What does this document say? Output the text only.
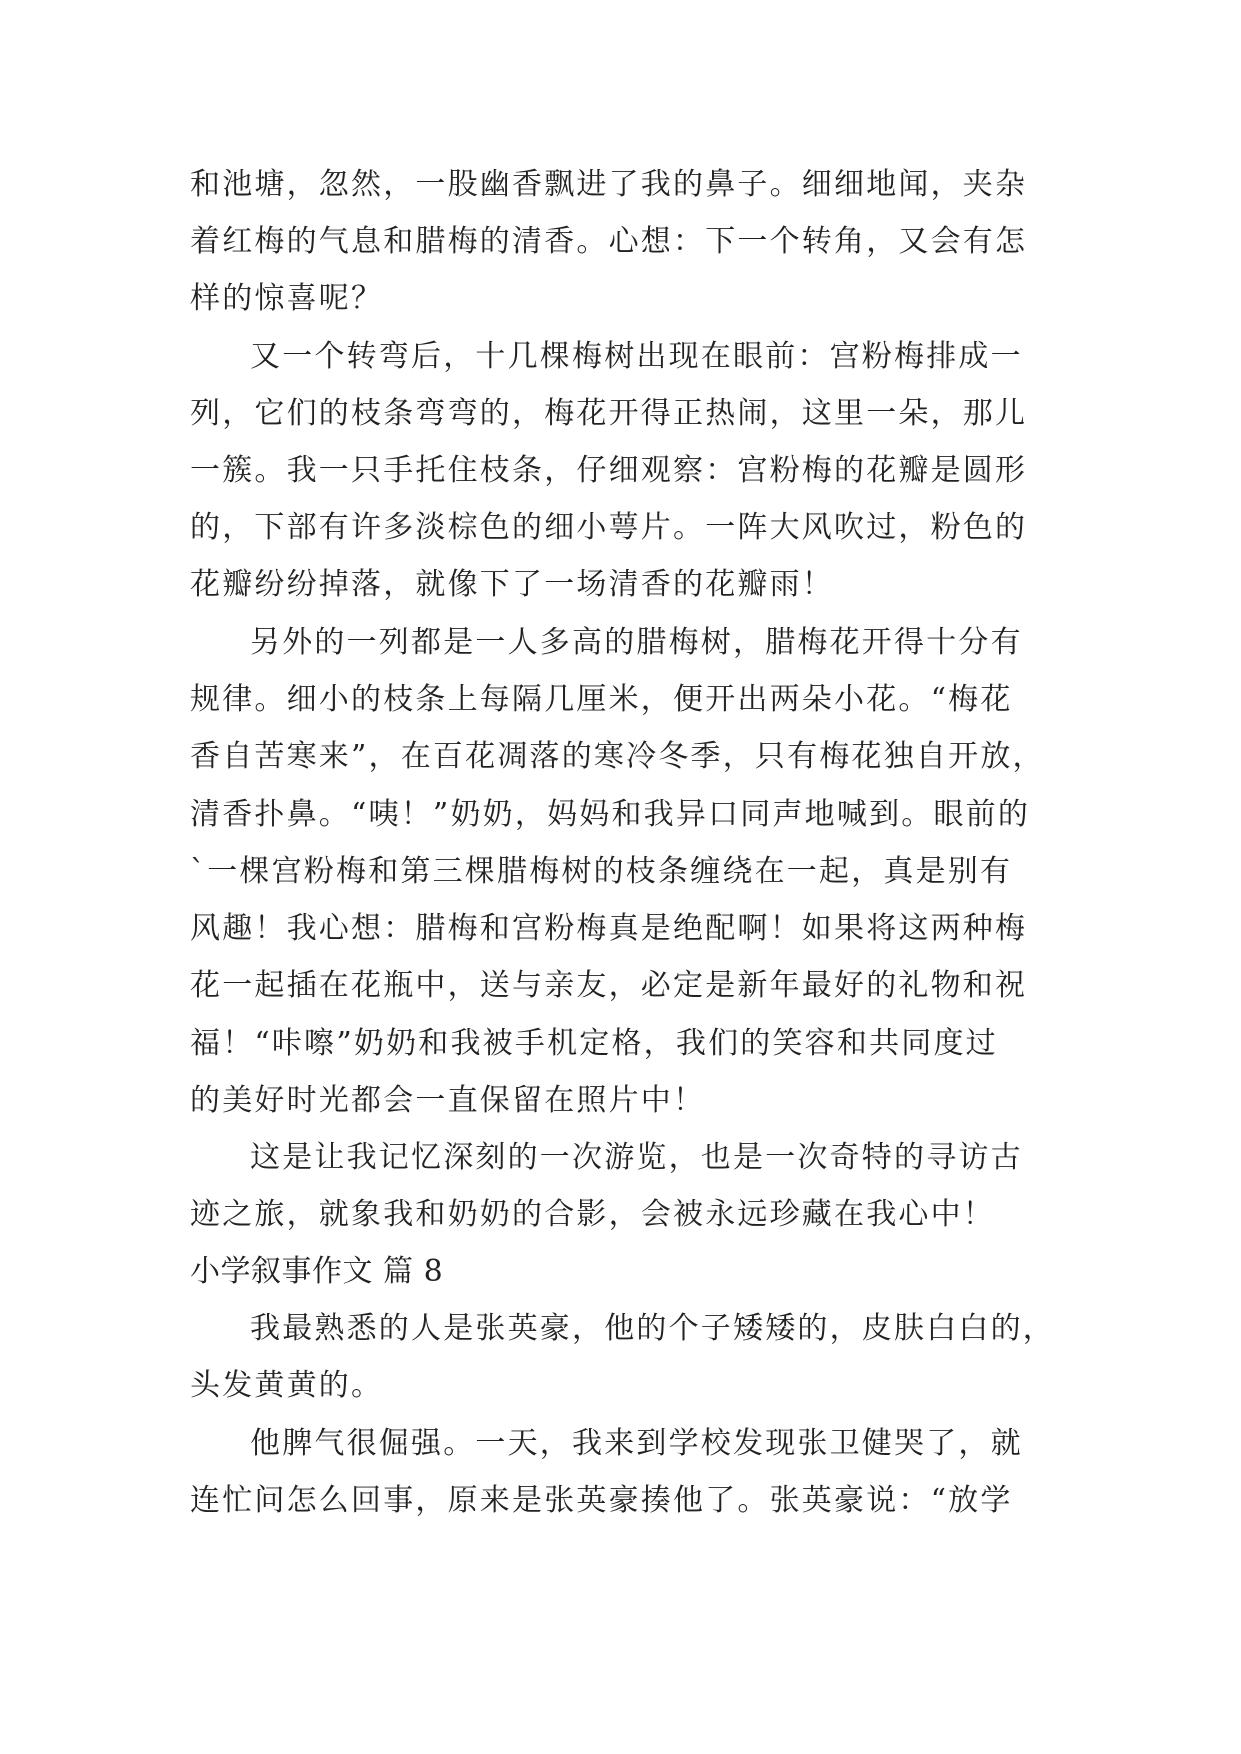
和池塘，忽然，一股幽香飘进了我的鼻子。细细地闻，夹杂
着红梅的气息和腊梅的清香。心想：下一个转角，又会有怎
样的惊喜呢？
又一个转弯后，十几棵梅树出现在眼前：宫粉梅排成一
列，它们的枝条弯弯的，梅花开得正热闹，这里一朵，那儿
一簇。我一只手托住枝条，仔细观察：宫粉梅的花瓣是圆形
的，下部有许多淡棕色的细小萼片。一阵大风吹过，粉色的
花瓣纷纷掉落，就像下了一场清香的花瓣雨！
另外的一列都是一人多高的腊梅树，腊梅花开得十分有
规律。细小的枝条上每隔几厘米，便开出两朵小花。“梅花
香自苦寒来”，在百花凋落的寒冷冬季，只有梅花独自开放，
清香扑鼻。“咦！”奶奶，妈妈和我异口同声地喊到。眼前的
`一棵宫粉梅和第三棵腊梅树的枝条缠绕在一起，真是别有
风趣！我心想：腊梅和宫粉梅真是绝配啊！如果将这两种梅
花一起插在花瓶中，送与亲友，必定是新年最好的礼物和祝
福！“咔嚓”奶奶和我被手机定格，我们的笑容和共同度过
的美好时光都会一直保留在照片中！
这是让我记忆深刻的一次游览，也是一次奇特的寻访古
迹之旅，就象我和奶奶的合影，会被永远珍藏在我心中！
小学叙事作文 篇 8
我最熟悉的人是张英豪，他的个子矮矮的，皮肤白白的，
头发黄黄的。
他脾气很倔强。一天，我来到学校发现张卫健哭了，就
连忙问怎么回事，原来是张英豪揍他了。张英豪说：“放学
